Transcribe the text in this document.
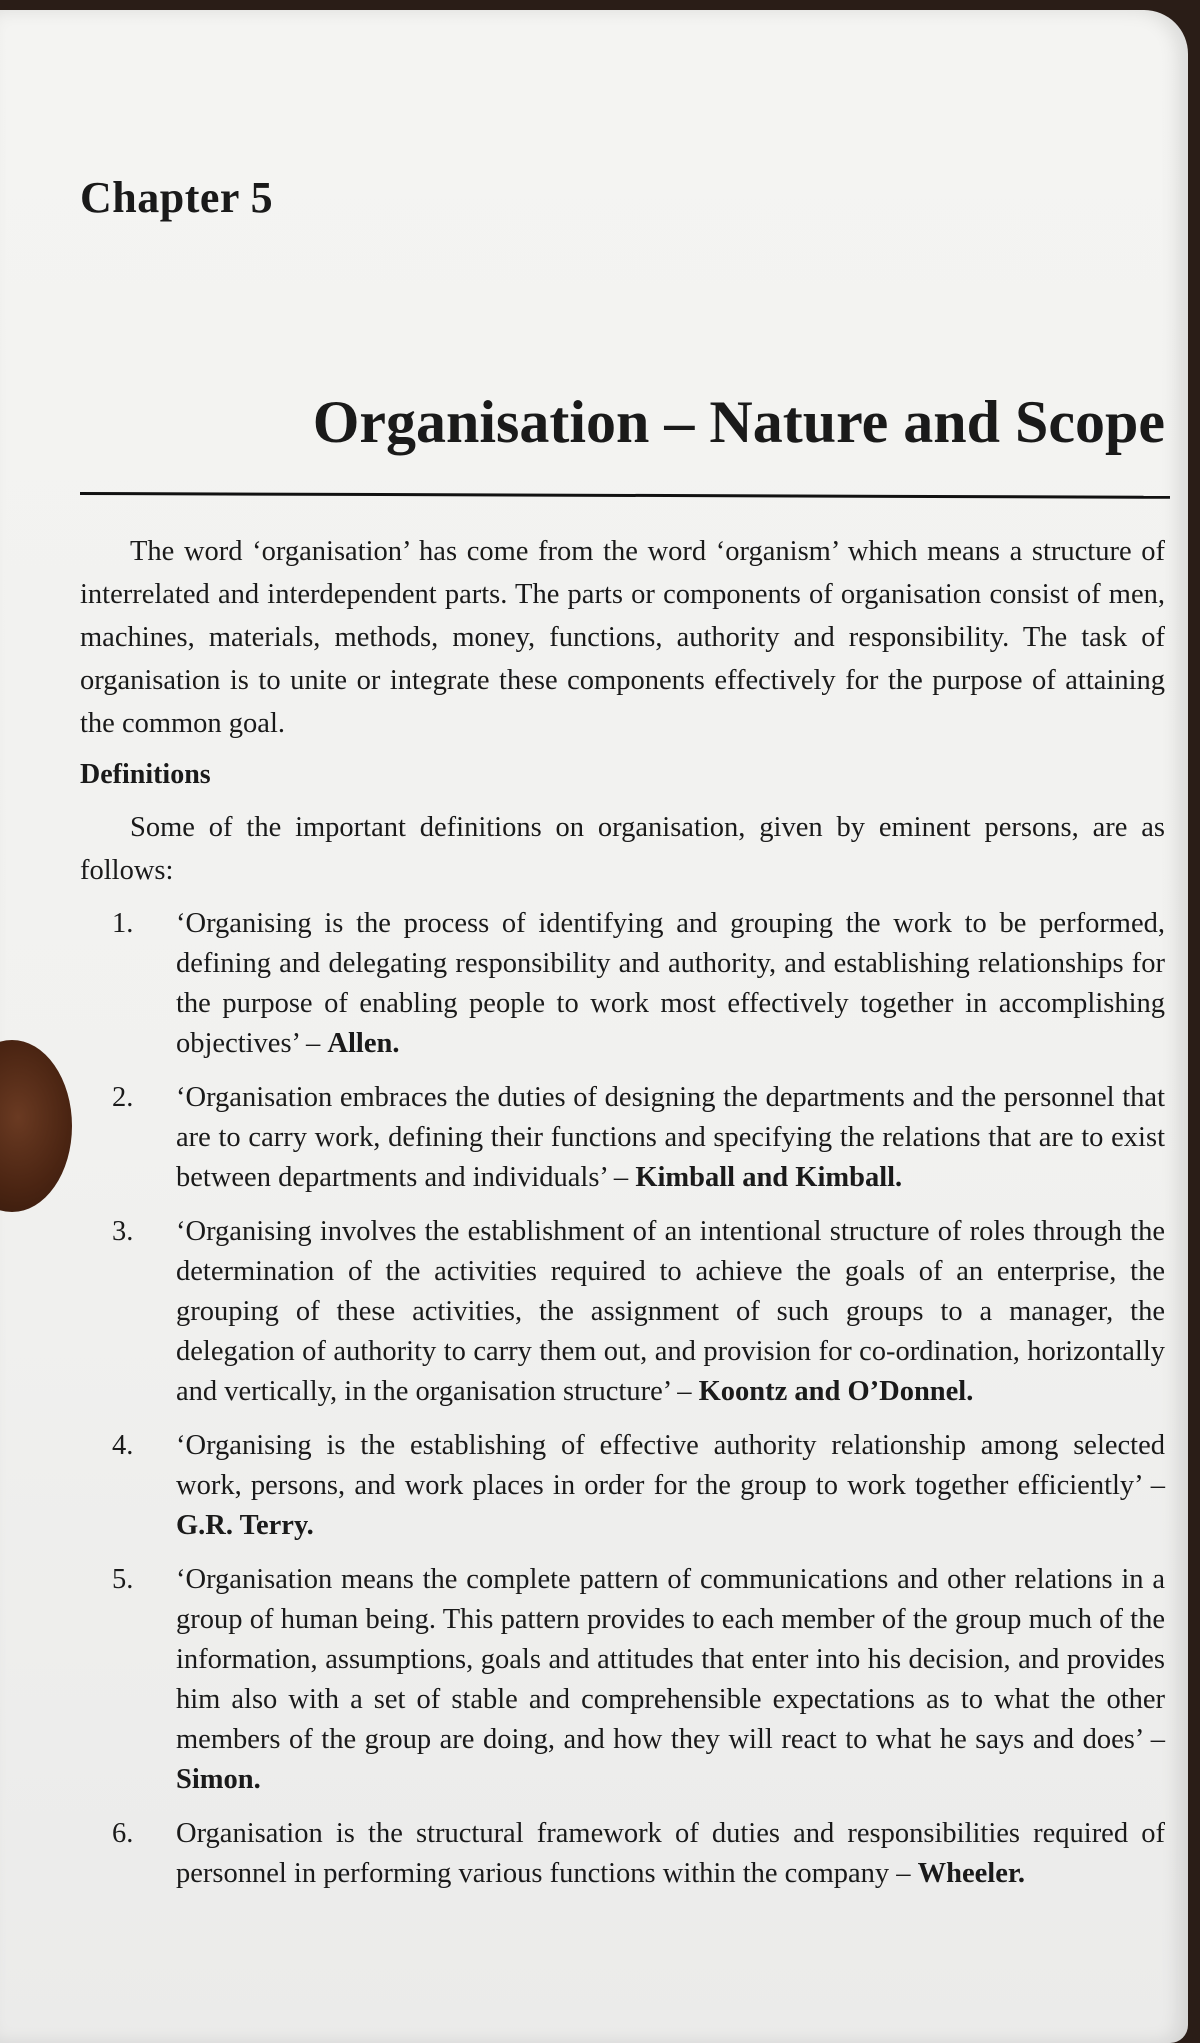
Chapter 5
Organisation – Nature and Scope

The word ‘organisation’ has come from the word ‘organism’ which means a structure of interrelated and interdependent parts. The parts or components of organisation consist of men, machines, materials, methods, money, functions, authority and responsibility. The task of organisation is to unite or integrate these components effectively for the purpose of attaining the common goal.

Definitions

Some of the important definitions on organisation, given by eminent persons, are as follows:

1. ‘Organising is the process of identifying and grouping the work to be performed, defining and delegating responsibility and authority, and establishing relationships for the purpose of enabling people to work most effectively together in accomplishing objectives’ – Allen.
2. ‘Organisation embraces the duties of designing the departments and the personnel that are to carry work, defining their functions and specifying the relations that are to exist between departments and individuals’ – Kimball and Kimball.
3. ‘Organising involves the establishment of an intentional structure of roles through the determination of the activities required to achieve the goals of an enterprise, the grouping of these activities, the assignment of such groups to a manager, the delegation of authority to carry them out, and provision for co-ordination, horizontally and vertically, in the organisation structure’ – Koontz and O’Donnel.
4. ‘Organising is the establishing of effective authority relationship among selected work, persons, and work places in order for the group to work together efficiently’ – G.R. Terry.
5. ‘Organisation means the complete pattern of communications and other relations in a group of human being. This pattern provides to each member of the group much of the information, assumptions, goals and attitudes that enter into his decision, and provides him also with a set of stable and comprehensible expectations as to what the other members of the group are doing, and how they will react to what he says and does’ – Simon.
6. Organisation is the structural framework of duties and responsibilities required of personnel in performing various functions within the company – Wheeler.
